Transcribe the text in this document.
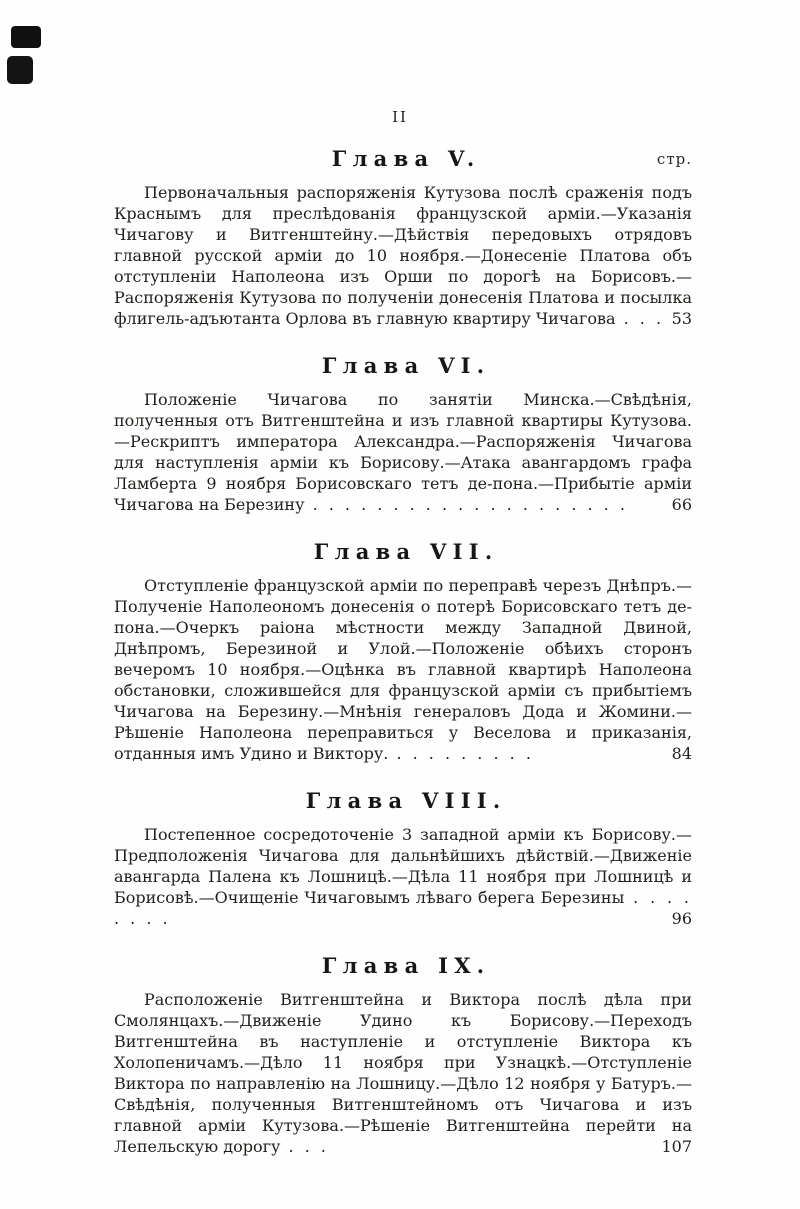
II
Глава V.	стр.

Первоначальныя распоряженія Кутузова послѣ сраженія подъ Краснымъ для преслѣдованія французской арміи.—Указанія Чичагову и Витгенштейну.—Дѣйствія передовыхъ отрядовъ главной русской арміи до 10 ноября.—Донесеніе Платова объ отступленіи Наполеона изъ Орши по дорогѣ на Борисовъ.—Распоряженія Кутузова по полученіи донесенія Платова и посылка флигель-адъютанта Орлова въ главную квартиру Чичагова . . . 53
Глава VI.

Положеніе Чичагова по занятіи Минска.—Свѣдѣнія, полученныя отъ Витгенштейна и изъ главной квартиры Кутузова.—Рескриптъ императора Александра.—Распоряженія Чичагова для наступленія арміи къ Борисову.—Атака авангардомъ графа Ламберта 9 ноября Борисовскаго тетъ де-пона.—Прибытіе арміи Чичагова на Березину . . . . . . . . . . . . . . . . . . . .	66
Глава VII.

Отступленіе французской арміи по переправѣ черезъ Днѣпръ.—Полученіе Наполеономъ донесенія о потерѣ Борисовскаго тетъ де-пона.—Очеркъ раіона мѣстности между Западной Двиной, Днѣпромъ, Березиной и Улой.—Положеніе обѣихъ сторонъ вечеромъ 10 ноября.—Оцѣнка въ главной квартирѣ Наполеона обстановки, сложившейся для французской арміи съ прибытіемъ Чичагова на Березину.—Мнѣнія генераловъ Дода и Жомини.—Рѣшеніе Наполеона переправиться у Веселова и приказанія, отданныя имъ Удино и Виктору. . . . . . . . . .	84
Глава VIII.

Постепенное сосредоточеніе 3 западной арміи къ Борисову.—Предположенія Чичагова для дальнѣйшихъ дѣйствій.—Движеніе авангарда Палена къ Лошницѣ.—Дѣла 11 ноября при Лошницѣ и Борисовѣ.—Очищеніе Чичаговымъ лѣваго берега Березины . . . . . . . .	96
Глава IX.

Расположеніе Витгенштейна и Виктора послѣ дѣла при Смолянцахъ.—Движеніе Удино къ Борисову.—Переходъ Витгенштейна въ наступленіе и отступленіе Виктора къ Холопеничамъ.—Дѣло 11 ноября при Узнацкѣ.—Отступленіе Виктора по направленію на Лошницу.—Дѣло 12 ноября у Батуръ.—Свѣдѣнія, полученныя Витгенштейномъ отъ Чичагова и изъ главной арміи Кутузова.—Рѣшеніе Витгенштейна перейти на Лепельскую дорогу . . .	107
